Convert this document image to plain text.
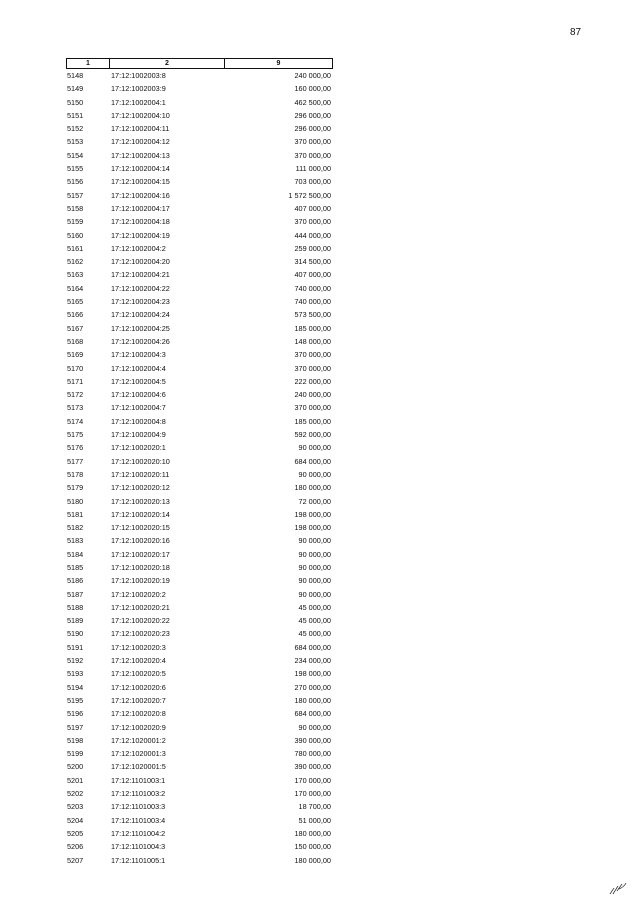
87
1	2	9
5148	17:12:1002003:8	240 000,00
5149	17:12:1002003:9	160 000,00
5150	17:12:1002004:1	462 500,00
5151	17:12:1002004:10	296 000,00
5152	17:12:1002004:11	296 000,00
5153	17:12:1002004:12	370 000,00
5154	17:12:1002004:13	370 000,00
5155	17:12:1002004:14	111 000,00
5156	17:12:1002004:15	703 000,00
5157	17:12:1002004:16	1 572 500,00
5158	17:12:1002004:17	407 000,00
5159	17:12:1002004:18	370 000,00
5160	17:12:1002004:19	444 000,00
5161	17:12:1002004:2	259 000,00
5162	17:12:1002004:20	314 500,00
5163	17:12:1002004:21	407 000,00
5164	17:12:1002004:22	740 000,00
5165	17:12:1002004:23	740 000,00
5166	17:12:1002004:24	573 500,00
5167	17:12:1002004:25	185 000,00
5168	17:12:1002004:26	148 000,00
5169	17:12:1002004:3	370 000,00
5170	17:12:1002004:4	370 000,00
5171	17:12:1002004:5	222 000,00
5172	17:12:1002004:6	240 000,00
5173	17:12:1002004:7	370 000,00
5174	17:12:1002004:8	185 000,00
5175	17:12:1002004:9	592 000,00
5176	17:12:1002020:1	90 000,00
5177	17:12:1002020:10	684 000,00
5178	17:12:1002020:11	90 000,00
5179	17:12:1002020:12	180 000,00
5180	17:12:1002020:13	72 000,00
5181	17:12:1002020:14	198 000,00
5182	17:12:1002020:15	198 000,00
5183	17:12:1002020:16	90 000,00
5184	17:12:1002020:17	90 000,00
5185	17:12:1002020:18	90 000,00
5186	17:12:1002020:19	90 000,00
5187	17:12:1002020:2	90 000,00
5188	17:12:1002020:21	45 000,00
5189	17:12:1002020:22	45 000,00
5190	17:12:1002020:23	45 000,00
5191	17:12:1002020:3	684 000,00
5192	17:12:1002020:4	234 000,00
5193	17:12:1002020:5	198 000,00
5194	17:12:1002020:6	270 000,00
5195	17:12:1002020:7	180 000,00
5196	17:12:1002020:8	684 000,00
5197	17:12:1002020:9	90 000,00
5198	17:12:1020001:2	390 000,00
5199	17:12:1020001:3	780 000,00
5200	17:12:1020001:5	390 000,00
5201	17:12:1101003:1	170 000,00
5202	17:12:1101003:2	170 000,00
5203	17:12:1101003:3	18 700,00
5204	17:12:1101003:4	51 000,00
5205	17:12:1101004:2	180 000,00
5206	17:12:1101004:3	150 000,00
5207	17:12:1101005:1	180 000,00
